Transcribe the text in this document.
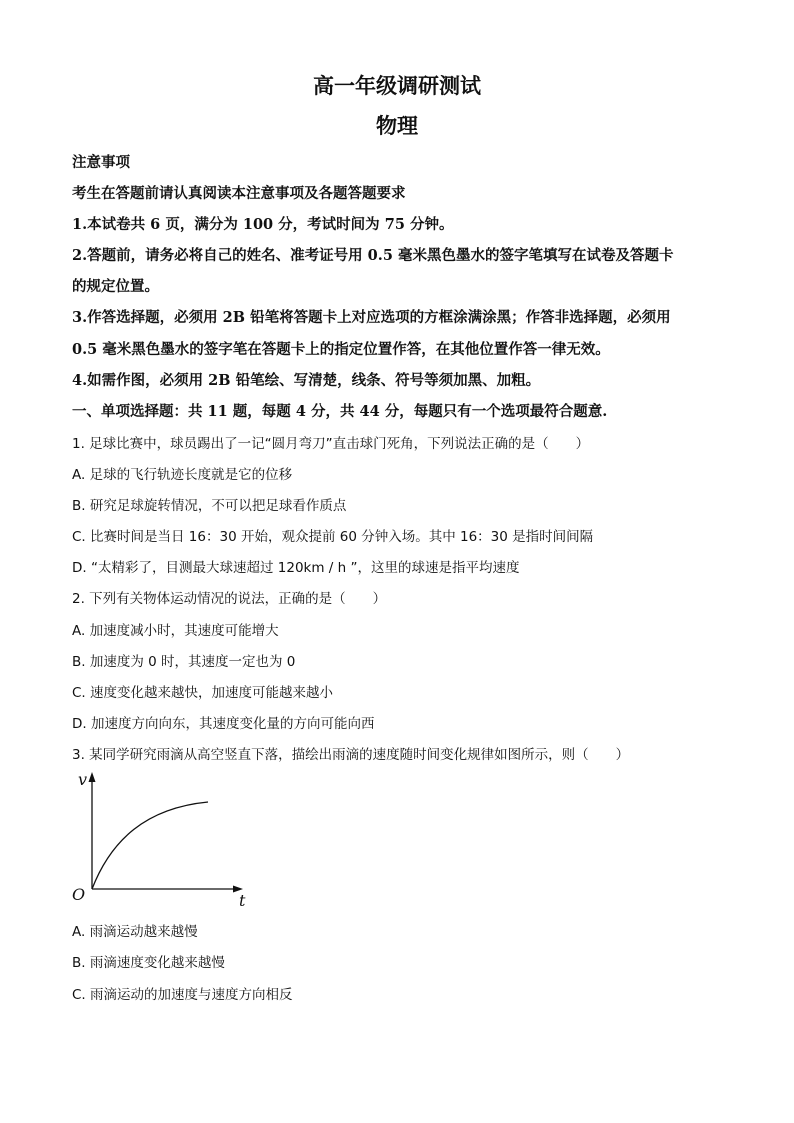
高一年级调研测试
物理
注意事项
考生在答题前请认真阅读本注意事项及各题答题要求
1.本试卷共 6 页，满分为 100 分，考试时间为 75 分钟。
2.答题前，请务必将自己的姓名、准考证号用 0.5 毫米黑色墨水的签字笔填写在试卷及答题卡
的规定位置。
3.作答选择题，必须用 2B 铅笔将答题卡上对应选项的方框涂满涂黑；作答非选择题，必须用
0.5 毫米黑色墨水的签字笔在答题卡上的指定位置作答，在其他位置作答一律无效。
4.如需作图，必须用 2B 铅笔绘、写清楚，线条、符号等须加黑、加粗。
一、单项选择题：共 11 题，每题 4 分，共 44 分，每题只有一个选项最符合题意.
1. 足球比赛中，球员踢出了一记“圆月弯刀”直击球门死角，下列说法正确的是（　　）
A. 足球的飞行轨迹长度就是它的位移
B. 研究足球旋转情况，不可以把足球看作质点
C. 比赛时间是当日 16：30 开始，观众提前 60 分钟入场。其中 16：30 是指时间间隔
D. “太精彩了，目测最大球速超过 120km / h ”，这里的球速是指平均速度
2. 下列有关物体运动情况的说法，正确的是（　　）
A. 加速度减小时，其速度可能增大
B. 加速度为 0 时，其速度一定也为 0
C. 速度变化越来越快，加速度可能越来越小
D. 加速度方向向东，其速度变化量的方向可能向西
3. 某同学研究雨滴从高空竖直下落，描绘出雨滴的速度随时间变化规律如图所示，则（　　）
v
t
O
A. 雨滴运动越来越慢
B. 雨滴速度变化越来越慢
C. 雨滴运动的加速度与速度方向相反
